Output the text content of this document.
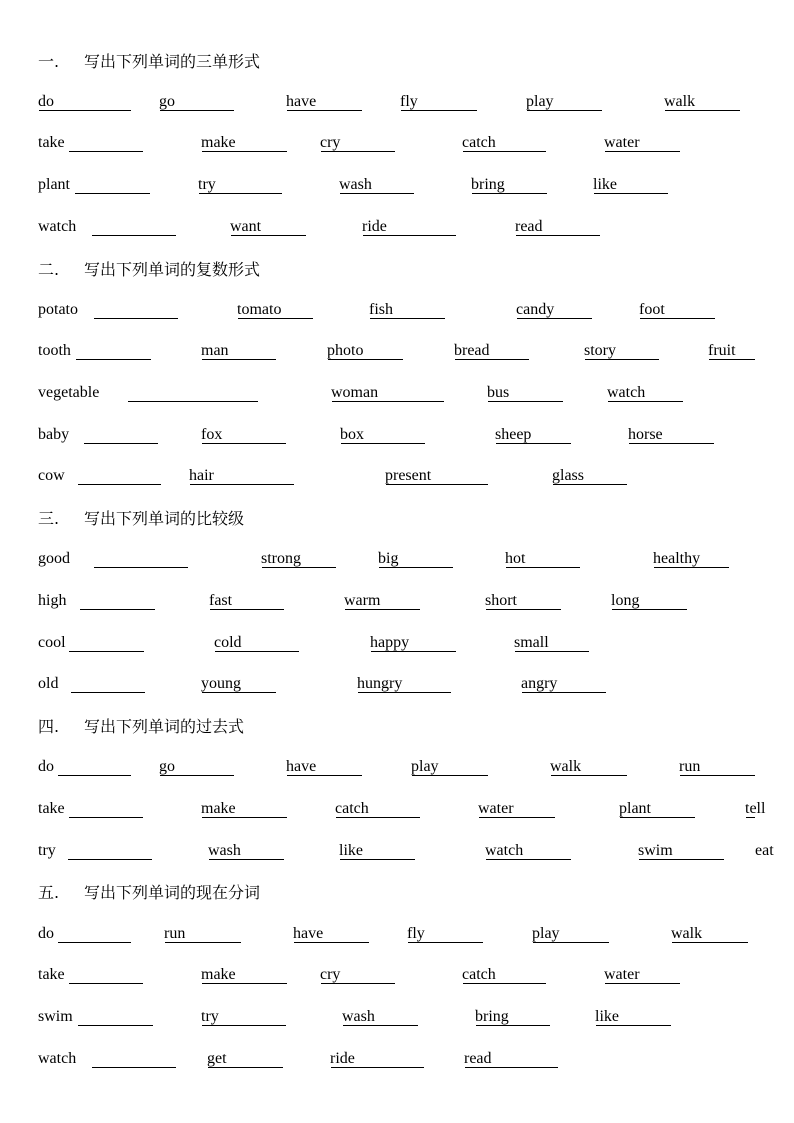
一. 写出下列单词的三单形式
do	go	have	fly	play	walk
take	make	cry	catch	water
plant	try	wash	bring	like
watch	want	ride	read
二. 写出下列单词的复数形式
potato	tomato	fish	candy	foot
tooth	man	photo	bread	story	fruit
vegetable	woman	bus	watch
baby	fox	box	sheep	horse
cow	hair	present	glass
三. 写出下列单词的比较级
good	strong	big	hot	healthy
high	fast	warm	short	long
cool	cold	happy	small
old	young	hungry	angry
四. 写出下列单词的过去式
do	go	have	play	walk	run
take	make	catch	water	plant	tell
try	wash	like	watch	swim	eat
五. 写出下列单词的现在分词
do	run	have	fly	play	walk
take	make	cry	catch	water
swim	try	wash	bring	like
watch	get	ride	read
